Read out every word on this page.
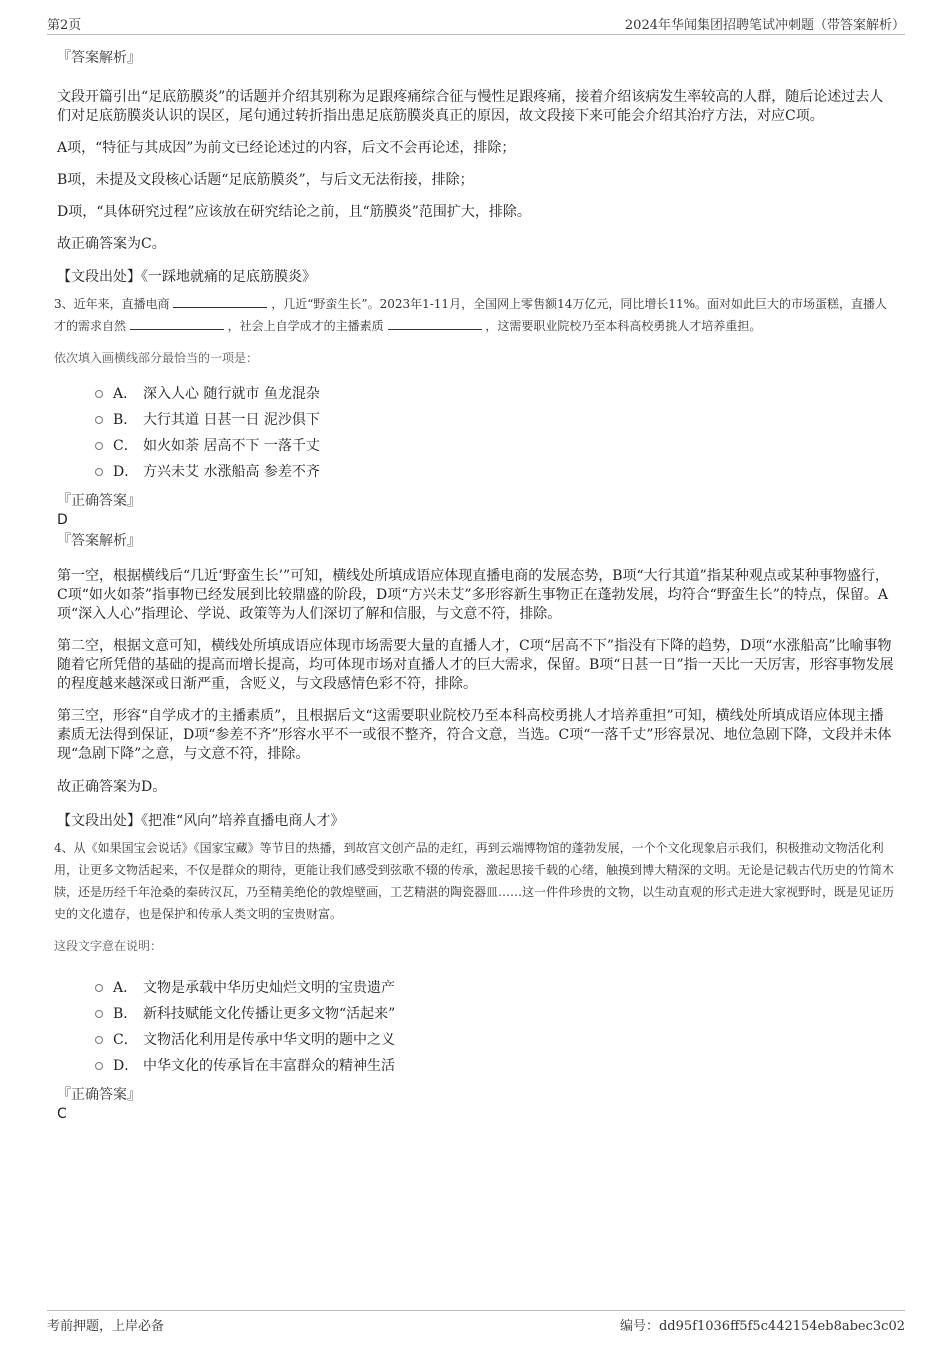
第2页	2024年华闻集团招聘笔试冲刺题（带答案解析）
『答案解析』

文段开篇引出“足底筋膜炎”的话题并介绍其别称为足跟疼痛综合征与慢性足跟疼痛，接着介绍该病发生率较高的人群，随后论述过去人们对足底筋膜炎认识的误区，尾句通过转折指出患足底筋膜炎真正的原因，故文段接下来可能会介绍其治疗方法，对应C项。

A项，“特征与其成因”为前文已经论述过的内容，后文不会再论述，排除；

B项，未提及文段核心话题“足底筋膜炎”，与后文无法衔接，排除；

D项，“具体研究过程”应该放在研究结论之前，且“筋膜炎”范围扩大，排除。

故正确答案为C。

【文段出处】《一踩地就痛的足底筋膜炎》

3、近年来，直播电商	，几近“野蛮生长”。2023年1-11月，全国网上零售额14万亿元，同比增长11%。面对如此巨大的市场蛋糕，直播人才的需求自然	，社会上自学成才的主播素质	，这需要职业院校乃至本科高校勇挑人才培养重担。

依次填入画横线部分最恰当的一项是：
A． 深入人心 随行就市 鱼龙混杂
B． 大行其道 日甚一日 泥沙俱下
C． 如火如荼 居高不下 一落千丈
D． 方兴未艾 水涨船高 参差不齐
『正确答案』
D
『答案解析』

第一空，根据横线后“几近‘野蛮生长’”可知，横线处所填成语应体现直播电商的发展态势，B项“大行其道”指某种观点或某种事物盛行，C项“如火如荼”指事物已经发展到比较鼎盛的阶段，D项“方兴未艾”多形容新生事物正在蓬勃发展，均符合“野蛮生长”的特点，保留。A项“深入人心”指理论、学说、政策等为人们深切了解和信服，与文意不符，排除。

第二空，根据文意可知，横线处所填成语应体现市场需要大量的直播人才，C项“居高不下”指没有下降的趋势，D项“水涨船高”比喻事物随着它所凭借的基础的提高而增长提高，均可体现市场对直播人才的巨大需求，保留。B项“日甚一日”指一天比一天厉害，形容事物发展的程度越来越深或日渐严重，含贬义，与文段感情色彩不符，排除。

第三空，形容“自学成才的主播素质”，且根据后文“这需要职业院校乃至本科高校勇挑人才培养重担”可知，横线处所填成语应体现主播素质无法得到保证，D项“参差不齐”形容水平不一或很不整齐，符合文意，当选。C项“一落千丈”形容景况、地位急剧下降，文段并未体现“急剧下降”之意，与文意不符，排除。

故正确答案为D。

【文段出处】《把准“风向”培养直播电商人才》

4、从《如果国宝会说话》《国家宝藏》等节目的热播，到故宫文创产品的走红，再到云端博物馆的蓬勃发展，一个个文化现象启示我们，积极推动文物活化利用，让更多文物活起来，不仅是群众的期待，更能让我们感受到弦歌不辍的传承，激起思接千载的心绪，触摸到博大精深的文明。无论是记载古代历史的竹简木牍，还是历经千年沧桑的秦砖汉瓦，乃至精美绝伦的敦煌壁画，工艺精湛的陶瓷器皿……这一件件珍贵的文物，以生动直观的形式走进大家视野时，既是见证历史的文化遗存，也是保护和传承人类文明的宝贵财富。

这段文字意在说明：
A． 文物是承载中华历史灿烂文明的宝贵遗产
B． 新科技赋能文化传播让更多文物“活起来”
C． 文物活化利用是传承中华文明的题中之义
D． 中华文化的传承旨在丰富群众的精神生活
『正确答案』
C
考前押题，上岸必备	编号：dd95f1036ff5f5c442154eb8abec3c02
